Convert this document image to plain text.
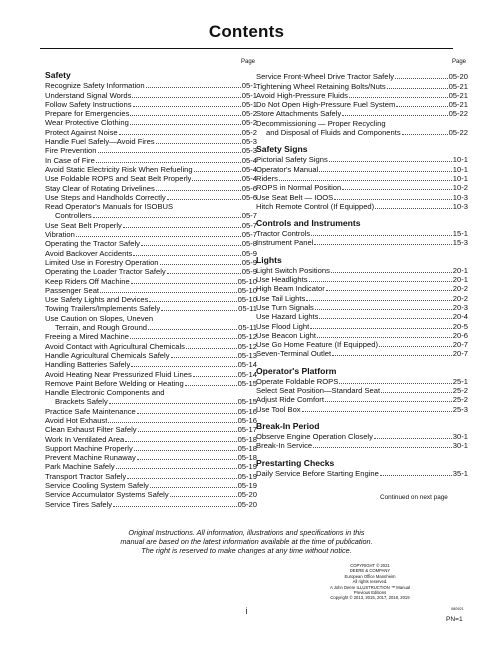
Contents
Page
Safety
Recognize Safety Information	05-1
Understand Signal Words	05-1
Follow Safety Instructions	05-1
Prepare for Emergencies	05-2
Wear Protective Clothing	05-2
Protect Against Noise	05-2
Handle Fuel Safely—Avoid Fires	05-3
Fire Prevention	05-3
In Case of Fire	05-4
Avoid Static Electricity Risk When Refueling	05-4
Use Foldable ROPS and Seat Belt Properly	05-4
Stay Clear of Rotating Drivelines	05-6
Use Steps and Handholds Correctly	05-6
Read Operator's Manuals for ISOBUS
Controllers	05-7
Use Seat Belt Properly	05-7
Vibration	05-7
Operating the Tractor Safely	05-8
Avoid Backover Accidents	05-9
Limited Use in Forestry Operation	05-9
Operating the Loader Tractor Safely	05-9
Keep Riders Off Machine	05-10
Passenger Seat	05-10
Use Safety Lights and Devices	05-10
Towing Trailers/Implements Safely	05-11
Use Caution on Slopes, Uneven
Terrain, and Rough Ground	05-11
Freeing a Mired Machine	05-12
Avoid Contact with Agricultural Chemicals	05-12
Handle Agricultural Chemicals Safely	05-13
Handling Batteries Safely	05-14
Avoid Heating Near Pressurized Fluid Lines	05-14
Remove Paint Before Welding or Heating	05-15
Handle Electronic Components and
Brackets Safely	05-15
Practice Safe Maintenance	05-16
Avoid Hot Exhaust	05-16
Clean Exhaust Filter Safely	05-17
Work In Ventilated Area	05-18
Support Machine Properly	05-18
Prevent Machine Runaway	05-18
Park Machine Safely	05-19
Transport Tractor Safely	05-19
Service Cooling System Safely	05-19
Service Accumulator Systems Safely	05-20
Service Tires Safely	05-20
Page
Service Front-Wheel Drive Tractor Safely	05-20
Tightening Wheel Retaining Bolts/Nuts	05-21
Avoid High-Pressure Fluids	05-21
Do Not Open High-Pressure Fuel System	05-21
Store Attachments Safely	05-22
Decommissioning — Proper Recycling
and Disposal of Fluids and Components	05-22
Safety Signs
Pictorial Safety Signs	10-1
Operator's Manual	10-1
Riders	10-1
ROPS in Normal Position	10-2
Use Seat Belt — IOOS	10-3
Hitch Remote Control (If Equipped)	10-3
Controls and Instruments
Tractor Controls	15-1
Instrument Panel	15-3
Lights
Light Switch Positions	20-1
Use Headlights	20-1
High Beam Indicator	20-2
Use Tail Lights	20-2
Use Turn Signals	20-3
Use Hazard Lights	20-4
Use Flood Light	20-5
Use Beacon Light	20-6
Use Go Home Feature (If Equipped)	20-7
Seven-Terminal Outlet	20-7
Operator's Platform
Operate Foldable ROPS	25-1
Select Seat Position—Standard Seat	25-2
Adjust Ride Comfort	25-2
Use Tool Box	25-3
Break-In Period
Observe Engine Operation Closely	30-1
Break-In Service	30-1
Prestarting Checks
Daily Service Before Starting Engine	35-1
Continued on next page
Original Instructions. All information, illustrations and specifications in this
manual are based on the latest information available at the time of publication.
The right is reserved to make changes at any time without notice.
COPYRIGHT © 2021
DEERE & COMPANY
European Office Mannheim
All rights reserved.
A John Deere ILLUSTRUCTION ™ Manual
Previous Editions
Copyright © 2013, 2015, 2017, 2018, 2019
i	080921
PN=1
